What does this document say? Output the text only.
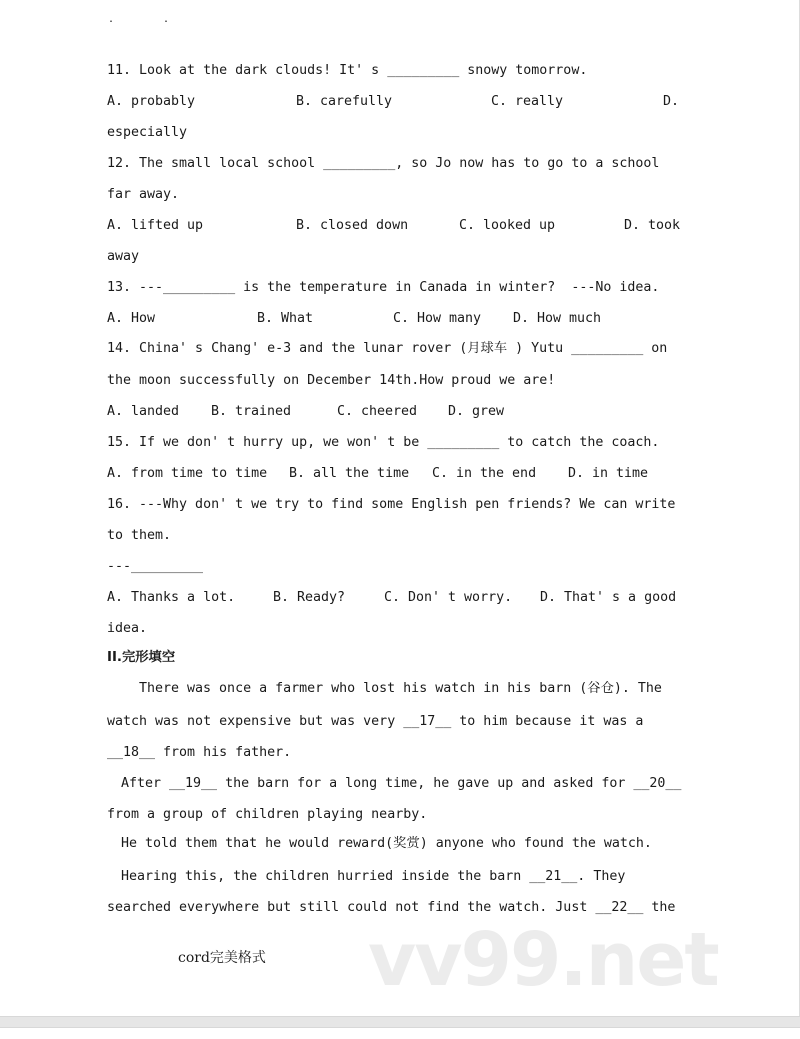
.	.
11. Look at the dark clouds! It' s _________ snowy tomorrow.
A. probably	B. carefully	C. really	D.
especially
12. The small local school _________, so Jo now has to go to a school
far away.
A. lifted up	B. closed down	C. looked up	D. took
away
13. ---_________ is the temperature in Canada in winter?  ---No idea.
A. How	B. What	C. How many D. How much
14. China' s Chang' e-3 and the lunar rover (月球车 ) Yutu _________ on
the moon successfully on December 14th.How proud we are!
A. landed B. trained	C. cheered D. grew
15. If we don' t hurry up, we won' t be _________ to catch the coach.
A. from time to time B. all the time C. in the end D. in time
16. ---Why don' t we try to find some English pen friends? We can write
to them.
---_________
A. Thanks a lot.	B. Ready?	C. Don' t worry. D. That' s a good
idea.
II.完形填空
vv99.net
There was once a farmer who lost his watch in his barn (谷仓). The
watch was not expensive but was very __17__ to him because it was a
__18__ from his father.
After __19__ the barn for a long time, he gave up and asked for __20__
from a group of children playing nearby.
He told them that he would reward(奖赏) anyone who found the watch.
Hearing this, the children hurried inside the barn __21__. They
searched everywhere but still could not find the watch. Just __22__ the
cord完美格式
